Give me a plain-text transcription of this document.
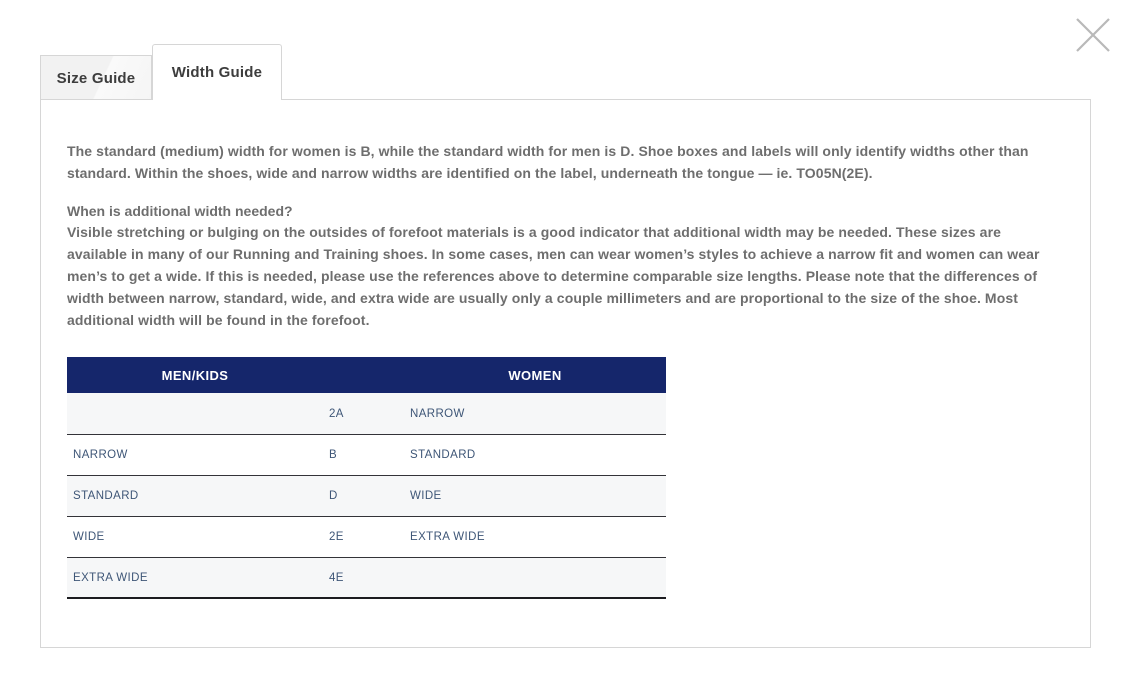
Size Guide Width Guide

The standard (medium) width for women is B, while the standard width for men is D. Shoe boxes and labels will only identify widths other than standard. Within the shoes, wide and narrow widths are identified on the label, underneath the tongue — ie. TO05N(2E).

When is additional width needed?

Visible stretching or bulging on the outsides of forefoot materials is a good indicator that additional width may be needed. These sizes are available in many of our Running and Training shoes. In some cases, men can wear women’s styles to achieve a narrow fit and women can wear men’s to get a wide. If this is needed, please use the references above to determine comparable size lengths. Please note that the differences of width between narrow, standard, wide, and extra wide are usually only a couple millimeters and are proportional to the size of the shoe. Most additional width will be found in the forefoot.

MEN/KIDS		WOMEN
	2A	NARROW
NARROW	B	STANDARD
STANDARD	D	WIDE
WIDE	2E	EXTRA WIDE
EXTRA WIDE	4E	
